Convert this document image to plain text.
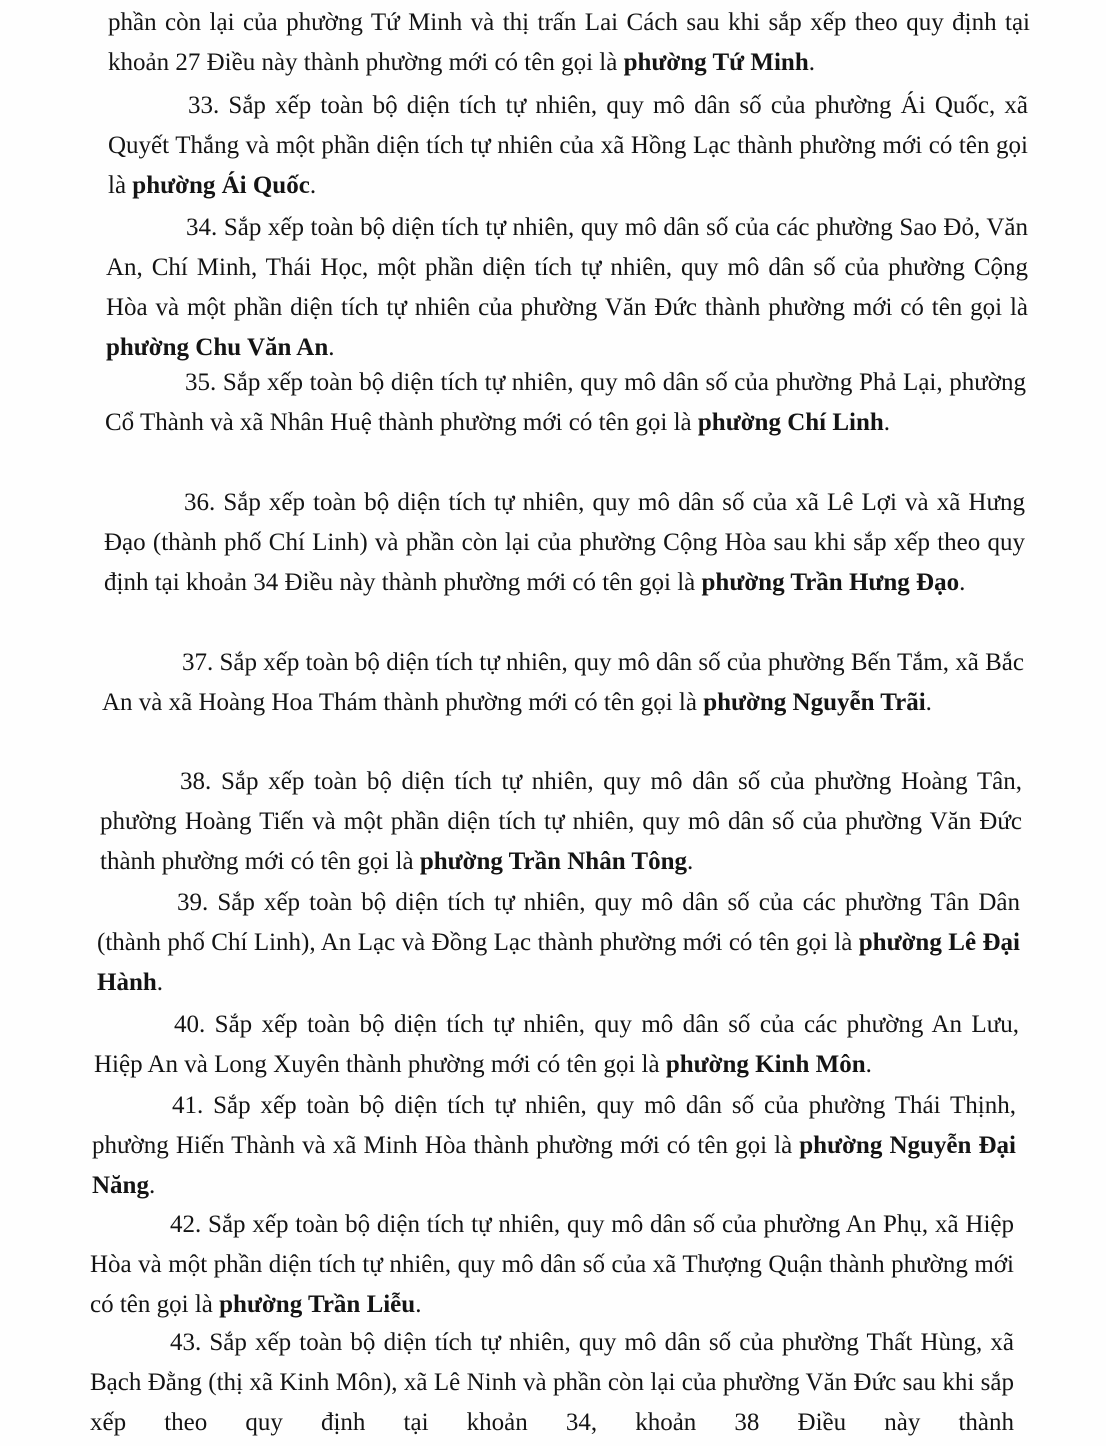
phần còn lại của phường Tứ Minh và thị trấn Lai Cách sau khi sắp xếp theo quy định tại khoản 27 Điều này thành phường mới có tên gọi là phường Tứ Minh.

33. Sắp xếp toàn bộ diện tích tự nhiên, quy mô dân số của phường Ái Quốc, xã Quyết Thắng và một phần diện tích tự nhiên của xã Hồng Lạc thành phường mới có tên gọi là phường Ái Quốc.

34. Sắp xếp toàn bộ diện tích tự nhiên, quy mô dân số của các phường Sao Đỏ, Văn An, Chí Minh, Thái Học, một phần diện tích tự nhiên, quy mô dân số của phường Cộng Hòa và một phần diện tích tự nhiên của phường Văn Đức thành phường mới có tên gọi là phường Chu Văn An.

35. Sắp xếp toàn bộ diện tích tự nhiên, quy mô dân số của phường Phả Lại, phường Cổ Thành và xã Nhân Huệ thành phường mới có tên gọi là phường Chí Linh.

36. Sắp xếp toàn bộ diện tích tự nhiên, quy mô dân số của xã Lê Lợi và xã Hưng Đạo (thành phố Chí Linh) và phần còn lại của phường Cộng Hòa sau khi sắp xếp theo quy định tại khoản 34 Điều này thành phường mới có tên gọi là phường Trần Hưng Đạo.

37. Sắp xếp toàn bộ diện tích tự nhiên, quy mô dân số của phường Bến Tắm, xã Bắc An và xã Hoàng Hoa Thám thành phường mới có tên gọi là phường Nguyễn Trãi.

38. Sắp xếp toàn bộ diện tích tự nhiên, quy mô dân số của phường Hoàng Tân, phường Hoàng Tiến và một phần diện tích tự nhiên, quy mô dân số của phường Văn Đức thành phường mới có tên gọi là phường Trần Nhân Tông.

39. Sắp xếp toàn bộ diện tích tự nhiên, quy mô dân số của các phường Tân Dân (thành phố Chí Linh), An Lạc và Đồng Lạc thành phường mới có tên gọi là phường Lê Đại Hành.

40. Sắp xếp toàn bộ diện tích tự nhiên, quy mô dân số của các phường An Lưu, Hiệp An và Long Xuyên thành phường mới có tên gọi là phường Kinh Môn.

41. Sắp xếp toàn bộ diện tích tự nhiên, quy mô dân số của phường Thái Thịnh, phường Hiến Thành và xã Minh Hòa thành phường mới có tên gọi là phường Nguyễn Đại Năng.

42. Sắp xếp toàn bộ diện tích tự nhiên, quy mô dân số của phường An Phụ, xã Hiệp Hòa và một phần diện tích tự nhiên, quy mô dân số của xã Thượng Quận thành phường mới có tên gọi là phường Trần Liễu.

43. Sắp xếp toàn bộ diện tích tự nhiên, quy mô dân số của phường Thất Hùng, xã Bạch Đằng (thị xã Kinh Môn), xã Lê Ninh và phần còn lại của phường Văn Đức sau khi sắp xếp theo quy định tại khoản 34, khoản 38 Điều này thành
